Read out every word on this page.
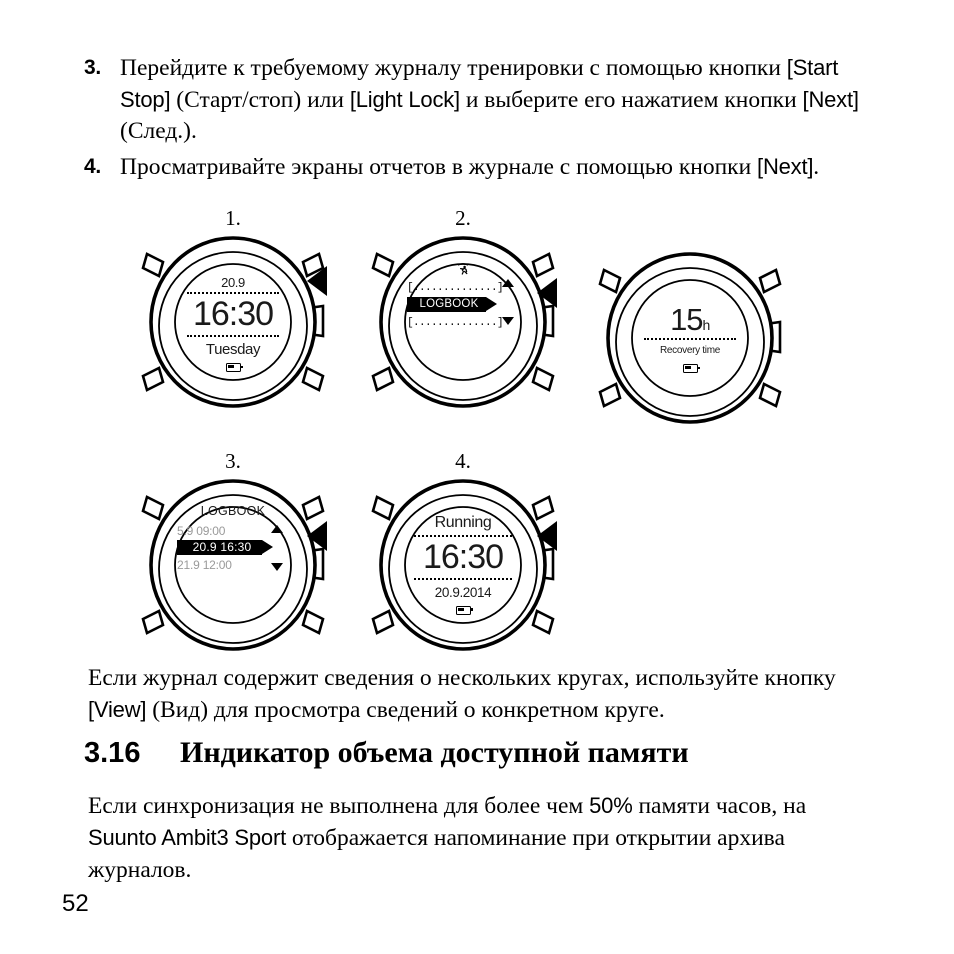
3. Перейдите к требуемому журналу тренировки с помощью кнопки [Start Stop] (Старт/стоп) или [Light Lock] и выберите его нажатием кнопки [Next] (След.).
4. Просматривайте экраны отчетов в журнале с помощью кнопки [Next].
1.
20.9
16:30
Tuesday
2.
[..............]
LOGBOOK
[..............]	15 h
Recovery time
3.
LOGBOOK
5.9 09:00
20.9 16:30
21.9 12:00
4.
Running
16:30
20.9.2014
Если журнал содержит сведения о нескольких кругах, используйте кнопку [View] (Вид) для просмотра сведений о конкретном круге.
3.16	Индикатор объема доступной памяти
Если синхронизация не выполнена для более чем 50% памяти часов, на Suunto Ambit3 Sport отображается напоминание при открытии архива журналов.
52
